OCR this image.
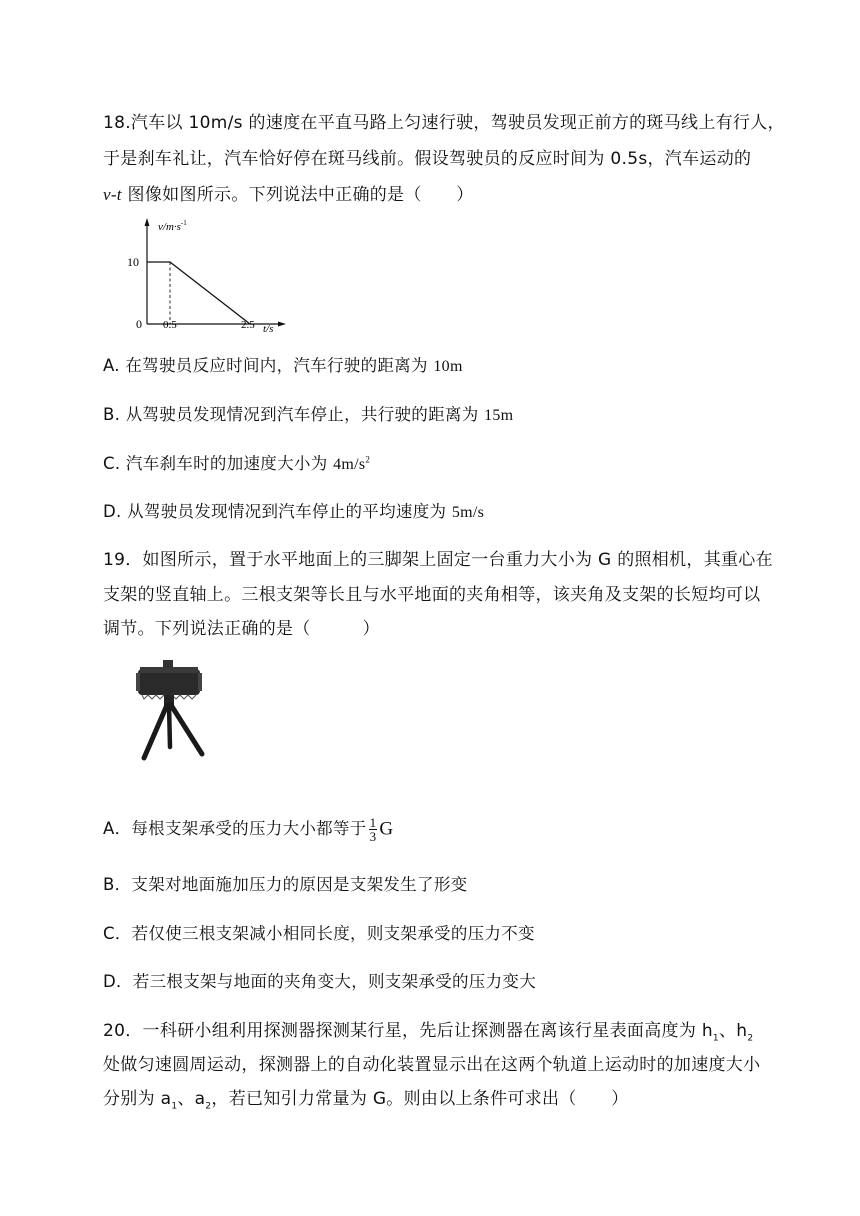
18.汽车以 10m/s 的速度在平直马路上匀速行驶，驾驶员发现正前方的斑马线上有行人，
于是刹车礼让，汽车恰好停在斑马线前。假设驾驶员的反应时间为 0.5s，汽车运动的
v-t 图像如图所示。下列说法中正确的是（　　）
$v/m\cdot s^{-1}$
10
0 0.5	2.5 t/s
A. 在驾驶员反应时间内，汽车行驶的距离为 10m
B. 从驾驶员发现情况到汽车停止，共行驶的距离为 15m
C. 汽车刹车时的加速度大小为 $4m/s^2$
D. 从驾驶员发现情况到汽车停止的平均速度为 5m/s
19．如图所示，置于水平地面上的三脚架上固定一台重力大小为 G 的照相机，其重心在
支架的竖直轴上。三根支架等长且与水平地面的夹角相等，该夹角及支架的长短均可以
调节。下列说法正确的是（　　　）
A．每根支架承受的压力大小都等于 $\frac{1}{3}$ G
B．支架对地面施加压力的原因是支架发生了形变
C．若仅使三根支架减小相同长度，则支架承受的压力不变
D．若三根支架与地面的夹角变大，则支架承受的压力变大
20．一科研小组利用探测器探测某行星，先后让探测器在离该行星表面高度为 $h_1$、$h_2$
处做匀速圆周运动，探测器上的自动化装置显示出在这两个轨道上运动时的加速度大小
分别为 $a_1$、$a_2$，若已知引力常量为 G。则由以上条件可求出（　　）
